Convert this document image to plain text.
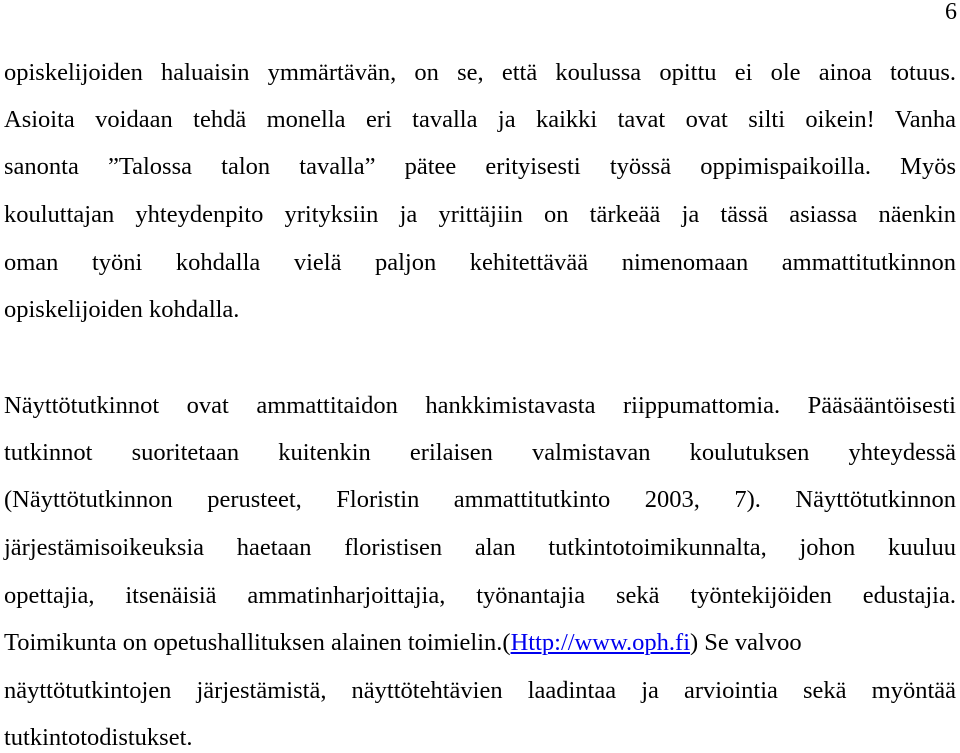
6
opiskelijoiden haluaisin ymmärtävän, on se, että koulussa opittu ei ole ainoa totuus.
Asioita voidaan tehdä monella eri tavalla ja kaikki tavat ovat silti oikein! Vanha
sanonta ”Talossa talon tavalla” pätee erityisesti työssä oppimispaikoilla. Myös
kouluttajan yhteydenpito yrityksiin ja yrittäjiin on tärkeää ja tässä asiassa näenkin
oman työni kohdalla vielä paljon kehitettävää nimenomaan ammattitutkinnon
opiskelijoiden kohdalla.
Näyttötutkinnot ovat ammattitaidon hankkimistavasta riippumattomia. Pääsääntöisesti
tutkinnot suoritetaan kuitenkin erilaisen valmistavan koulutuksen yhteydessä
(Näyttötutkinnon perusteet, Floristin ammattitutkinto 2003, 7). Näyttötutkinnon
järjestämisoikeuksia haetaan floristisen alan tutkintotoimikunnalta, johon kuuluu
opettajia, itsenäisiä ammatinharjoittajia, työnantajia sekä työntekijöiden edustajia.
Toimikunta on opetushallituksen alainen toimielin.( Http://www.oph.fi ) Se valvoo
näyttötutkintojen järjestämistä, näyttötehtävien laadintaa ja arviointia sekä myöntää
tutkintotodistukset.
